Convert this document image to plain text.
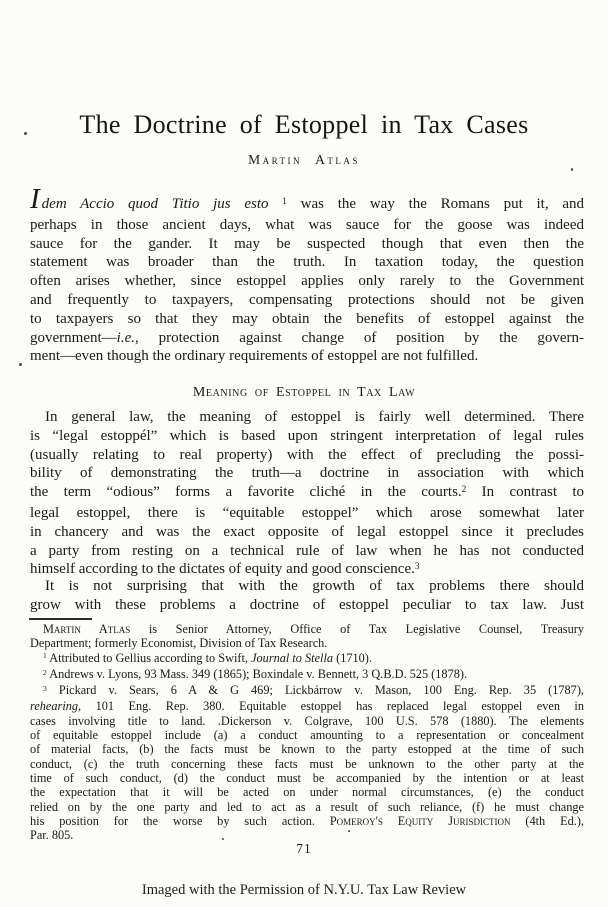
The Doctrine of Estoppel in Tax Cases
Martin Atlas
Idem Accio quod Titio jus esto $^1$ was the way the Romans put it, and
perhaps in those ancient days, what was sauce for the goose was indeed
sauce for the gander. It may be suspected though that even then the
statement was broader than the truth. In taxation today, the question
often arises whether, since estoppel applies only rarely to the Government
and frequently to taxpayers, compensating protections should not be given
to taxpayers so that they may obtain the benefits of estoppel against the
government—i.e., protection against change of position by the govern-
ment—even though the ordinary requirements of estoppel are not fulfilled.
Meaning of Estoppel in Tax Law
In general law, the meaning of estoppel is fairly well determined. There
is “legal estoppél” which is based upon stringent interpretation of legal rules
(usually relating to real property) with the effect of precluding the possi-
bility of demonstrating the truth—a doctrine in association with which
the term “odious” forms a favorite cliché in the courts.$^2$ In contrast to
legal estoppel, there is “equitable estoppel” which arose somewhat later
in chancery and was the exact opposite of legal estoppel since it precludes
a party from resting on a technical rule of law when he has not conducted
himself according to the dictates of equity and good conscience.$^3$
It is not surprising that with the growth of tax problems there should
grow with these problems a doctrine of estoppel peculiar to tax law. Just
Martin Atlas is Senior Attorney, Office of Tax Legislative Counsel, Treasury
Department; formerly Economist, Division of Tax Research.
$^1$ Attributed to Gellius according to Swift, Journal to Stella (1710).
$^2$ Andrews v. Lyons, 93 Mass. 349 (1865); Boxindale v. Bennett, 3 Q.B.D. 525 (1878).
$^3$ Pickard v. Sears, 6 A & G 469; Lickbárrow v. Mason, 100 Eng. Rep. 35 (1787),
rehearing, 101 Eng. Rep. 380. Equitable estoppel has replaced legal estoppel even in
cases involving title to land. .Dickerson v. Colgrave, 100 U.S. 578 (1880). The elements
of equitable estoppel include (a) a conduct amounting to a representation or concealment
of material facts, (b) the facts must be known to the party estopped at the time of such
conduct, (c) the truth concerning these facts must be unknown to the other party at the
time of such conduct, (d) the conduct must be accompanied by the intention or at least
the expectation that it will be acted on under normal circumstances, (e) the conduct
relied on by the one party and led to act as a result of such reliance, (f) he must change
his position for the worse by such action. Pomeroy's Equity Jurisdiction (4th Ed.),
Par. 805.
71
Imaged with the Permission of N.Y.U. Tax Law Review
